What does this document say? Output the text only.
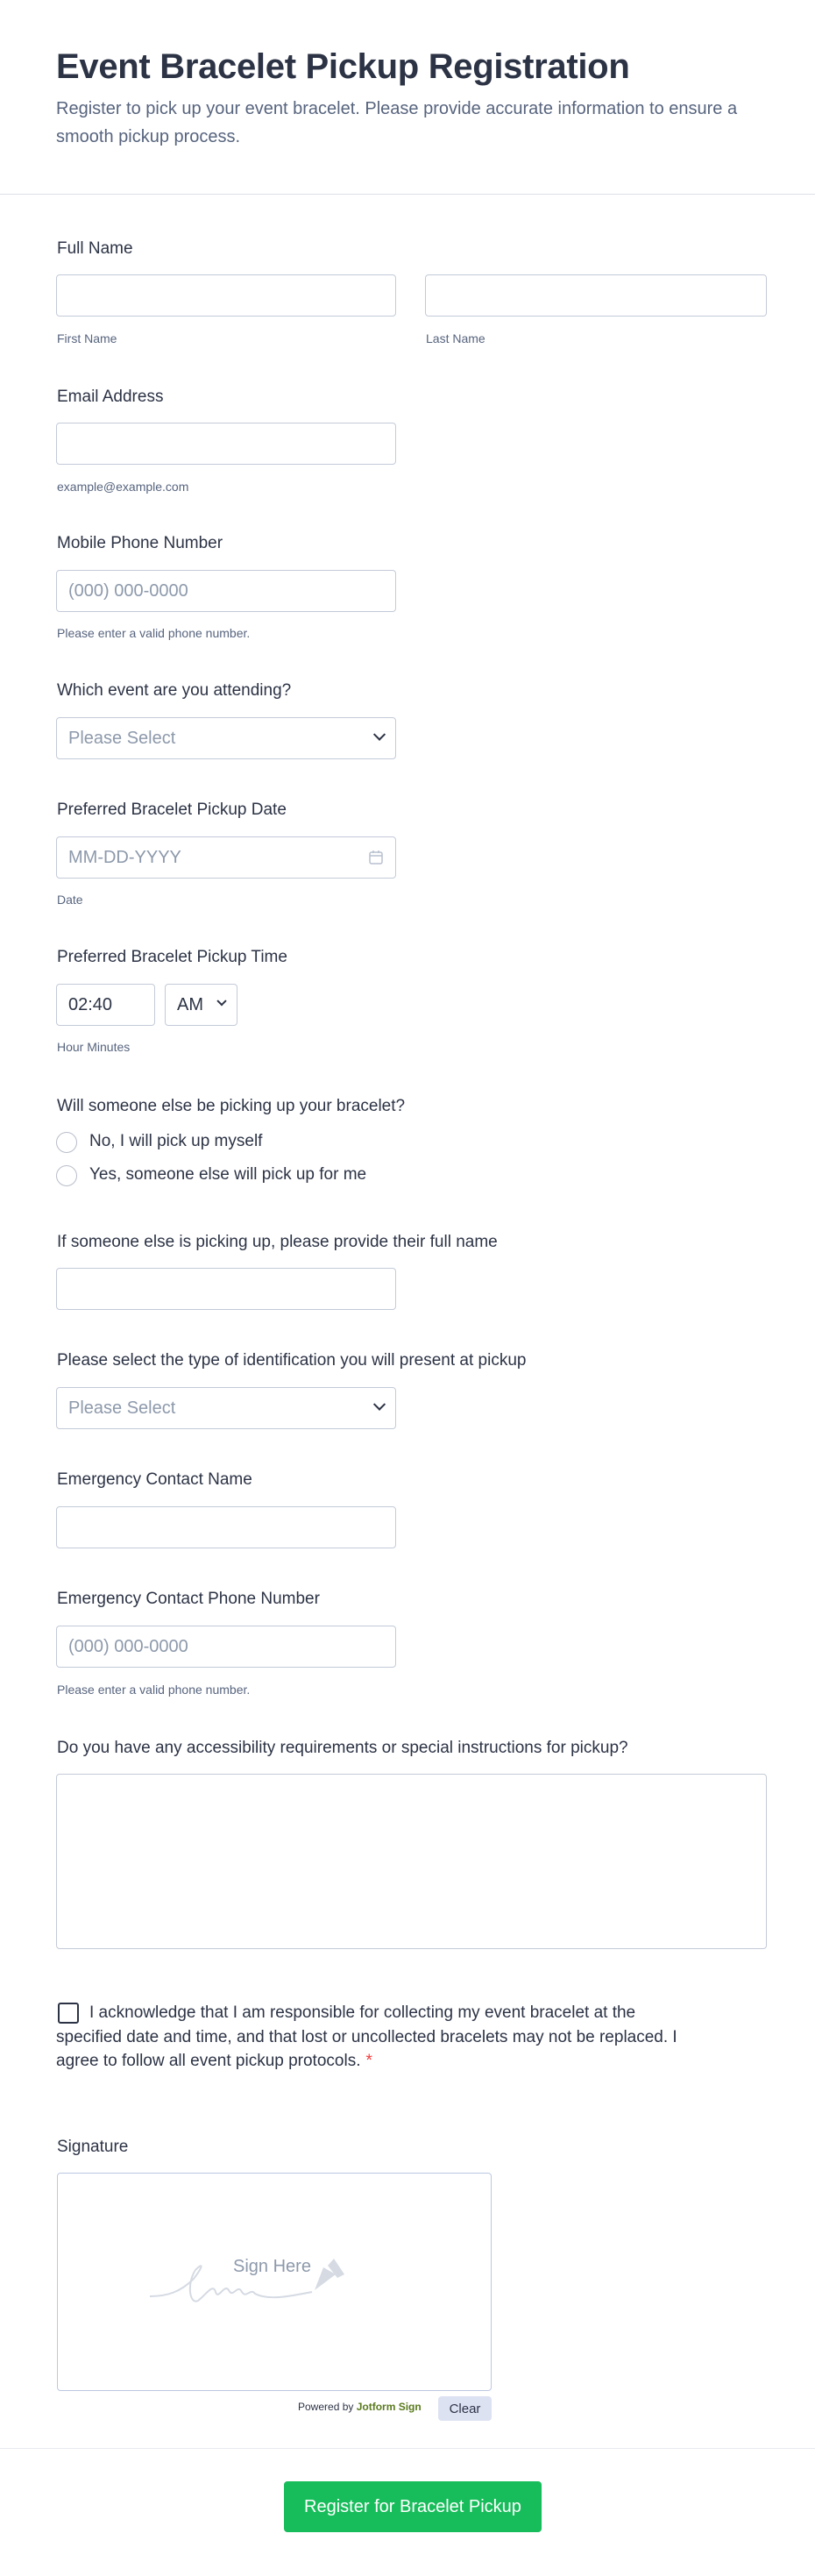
Event Bracelet Pickup Registration
Register to pick up your event bracelet. Please provide accurate information to ensure a smooth pickup process.
Full Name
First Name	Last Name
Email Address
example@example.com
Mobile Phone Number
(000) 000-0000
Please enter a valid phone number.
Which event are you attending?
Please Select
Preferred Bracelet Pickup Date
MM-DD-YYYY
Date
Preferred Bracelet Pickup Time
02:40	AM
Hour Minutes
Will someone else be picking up your bracelet?
No, I will pick up myself
Yes, someone else will pick up for me
If someone else is picking up, please provide their full name
Please select the type of identification you will present at pickup
Please Select
Emergency Contact Name
Emergency Contact Phone Number
(000) 000-0000
Please enter a valid phone number.
Do you have any accessibility requirements or special instructions for pickup?
I acknowledge that I am responsible for collecting my event bracelet at the specified date and time, and that lost or uncollected bracelets may not be replaced. I agree to follow all event pickup protocols. *
Signature
Sign Here
Powered by Jotform Sign	Clear
Register for Bracelet Pickup
